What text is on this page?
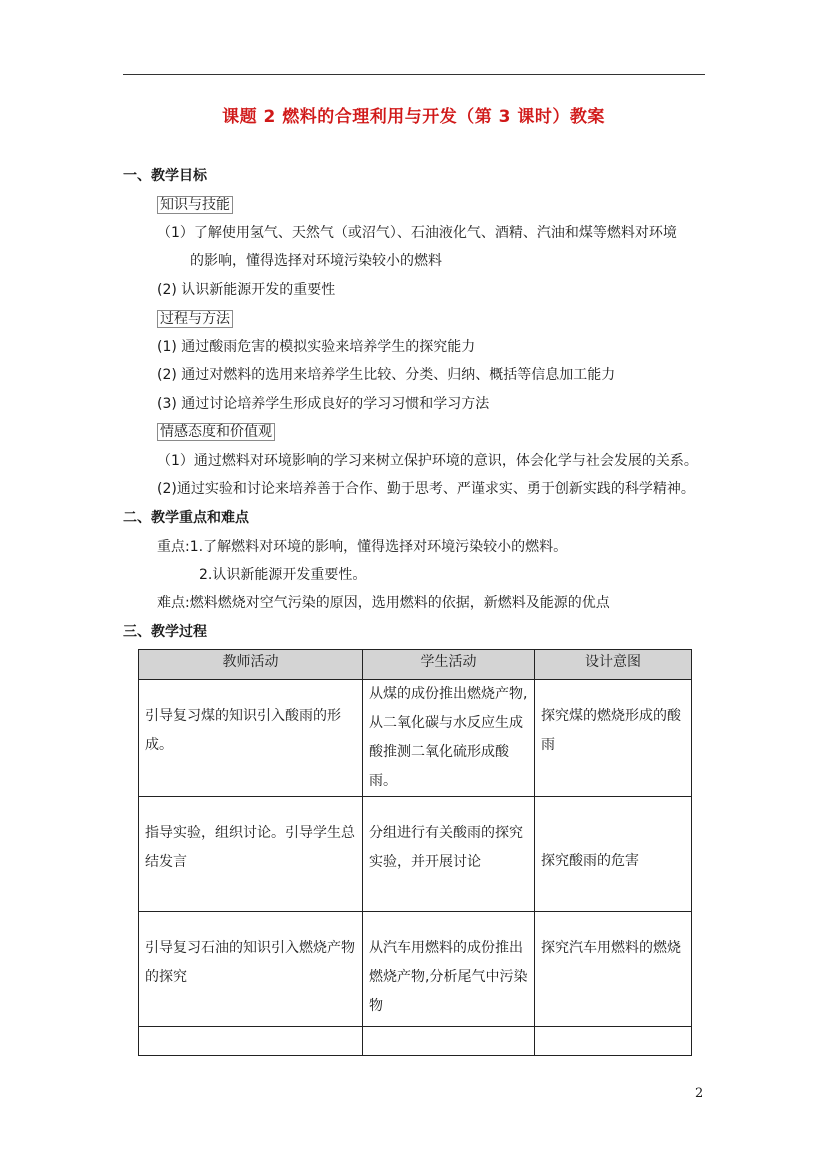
课题 2 燃料的合理利用与开发（第 3 课时）教案
一、教学目标
知识与技能
（1）了解使用氢气、天然气（或沼气）、石油液化气、酒精、汽油和煤等燃料对环境
的影响，懂得选择对环境污染较小的燃料
(2) 认识新能源开发的重要性
过程与方法
(1) 通过酸雨危害的模拟实验来培养学生的探究能力
(2) 通过对燃料的选用来培养学生比较、分类、归纳、概括等信息加工能力
(3) 通过讨论培养学生形成良好的学习习惯和学习方法
情感态度和价值观
（1）通过燃料对环境影响的学习来树立保护环境的意识，体会化学与社会发展的关系。
(2)通过实验和讨论来培养善于合作、勤于思考、严谨求实、勇于创新实践的科学精神。
二、教学重点和难点
重点:1.了解燃料对环境的影响，懂得选择对环境污染较小的燃料。
2.认识新能源开发重要性。
难点:燃料燃烧对空气污染的原因，选用燃料的依据，新燃料及能源的优点
三、教学过程
教师活动	学生活动	设计意图
引导复习煤的知识引入酸雨的形成。	从煤的成份推出燃烧产物,从二氧化碳与水反应生成酸推测二氧化硫形成酸雨。	探究煤的燃烧形成的酸雨
指导实验，组织讨论。引导学生总结发言	分组进行有关酸雨的探究实验，并开展讨论	探究酸雨的危害
引导复习石油的知识引入燃烧产物的探究	从汽车用燃料的成份推出燃烧产物,分析尾气中污染物	探究汽车用燃料的燃烧

2
